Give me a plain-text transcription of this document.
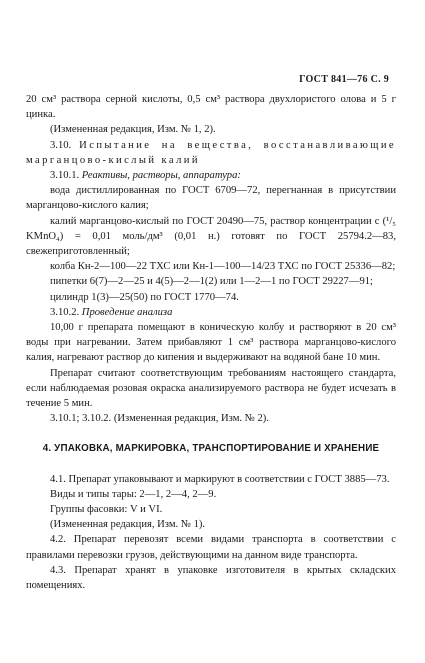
ГОСТ 841—76 С. 9

20 см³ раствора серной кислоты, 0,5 см³ раствора двухлористого олова и 5 г цинка.

(Измененная редакция, Изм. № 1, 2).

3.10. Испытание на вещества, восстанавливающие марганцово-кислый калий

3.10.1. Реактивы, растворы, аппаратура:

вода дистиллированная по ГОСТ 6709—72, перегнанная в присутствии марганцово-кислого калия;

калий марганцово-кислый по ГОСТ 20490—75, раствор концентрации с (¹/₅ KMnO₄) = 0,01 моль/дм³ (0,01 н.) готовят по ГОСТ 25794.2—83, свежеприготовленный;

колба Кн-2—100—22 ТХС или Кн-1—100—14/23 ТХС по ГОСТ 25336—82;

пипетки 6(7)—2—25 и 4(5)—2—1(2) или 1—2—1 по ГОСТ 29227—91;

цилиндр 1(3)—25(50) по ГОСТ 1770—74.

3.10.2. Проведение анализа

10,00 г препарата помещают в коническую колбу и растворяют в 20 см³ воды при нагревании. Затем прибавляют 1 см³ раствора марганцово-кислого калия, нагревают раствор до кипения и выдерживают на водяной бане 10 мин.

Препарат считают соответствующим требованиям настоящего стандарта, если наблюдаемая розовая окраска анализируемого раствора не будет исчезать в течение 5 мин.

3.10.1; 3.10.2. (Измененная редакция, Изм. № 2).

4. УПАКОВКА, МАРКИРОВКА, ТРАНСПОРТИРОВАНИЕ И ХРАНЕНИЕ

4.1. Препарат упаковывают и маркируют в соответствии с ГОСТ 3885—73.

Виды и типы тары: 2—1, 2—4, 2—9.

Группы фасовки: V и VI.

(Измененная редакция, Изм. № 1).

4.2. Препарат перевозят всеми видами транспорта в соответствии с правилами перевозки грузов, действующими на данном виде транспорта.

4.3. Препарат хранят в упаковке изготовителя в крытых складских помещениях.
